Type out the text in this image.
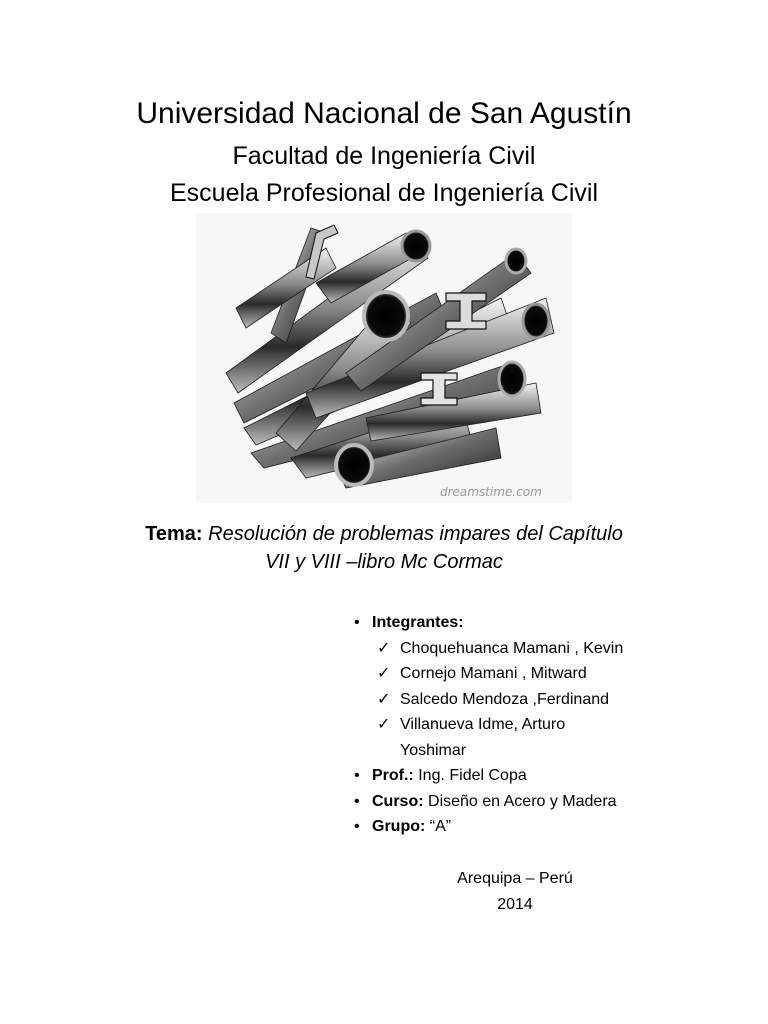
Universidad Nacional de San Agustín
Facultad de Ingeniería Civil
Escuela Profesional de Ingeniería Civil
dreamstime.com
Tema: Resolución de problemas impares del Capítulo
VII y VIII –libro Mc Cormac
• Integrantes:
✓ Choquehuanca Mamani , Kevin
✓ Cornejo Mamani , Mitward
✓ Salcedo Mendoza ,Ferdinand
✓ Villanueva Idme, Arturo
Yoshimar
• Prof.: Ing. Fidel Copa
• Curso: Diseño en Acero y Madera
• Grupo: “A”
Arequipa – Perú
2014
